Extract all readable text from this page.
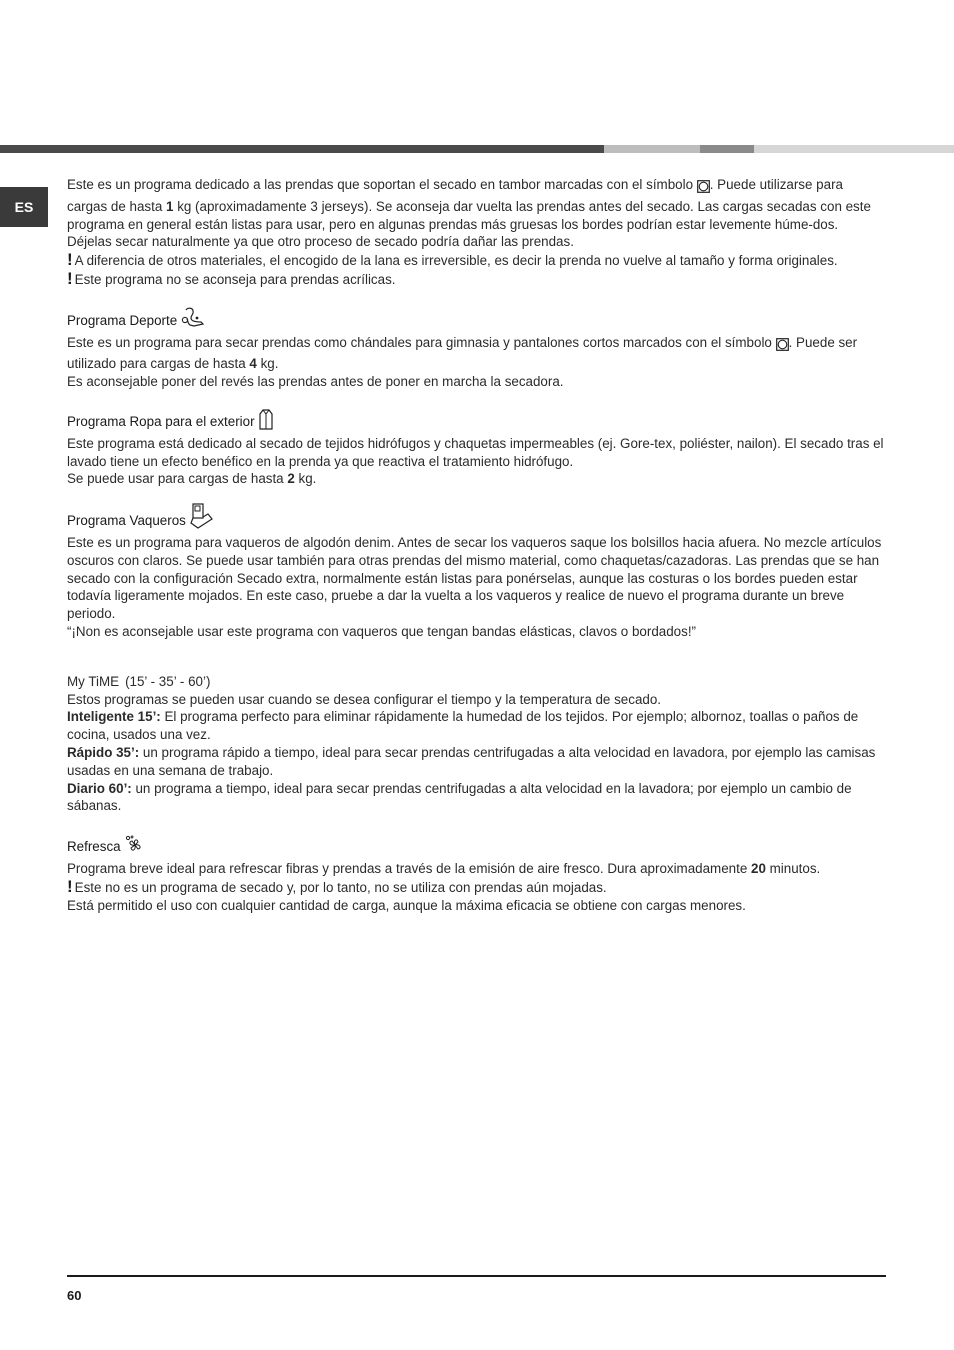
ES

Este es un programa dedicado a las prendas que soportan el secado en tambor marcadas con el símbolo . Puede utilizarse para cargas de hasta 1 kg (aproximadamente 3 jerseys). Se aconseja dar vuelta las prendas antes del secado. Las cargas secadas con este programa en general están listas para usar, pero en algunas prendas más gruesas los bordes podrían estar levemente húme-dos. Déjelas secar naturalmente ya que otro proceso de secado podría dañar las prendas.

! A diferencia de otros materiales, el encogido de la lana es irreversible, es decir la prenda no vuelve al tamaño y forma originales.

! Este programa no se aconseja para prendas acrílicas.

Programa Deporte

Este es un programa para secar prendas como chándales para gimnasia y pantalones cortos marcados con el símbolo . Puede ser utilizado para cargas de hasta 4 kg.

Es aconsejable poner del revés las prendas antes de poner en marcha la secadora.

Programa Ropa para el exterior

Este programa está dedicado al secado de tejidos hidrófugos y chaquetas impermeables (ej. Gore-tex, poliéster, nailon). El secado tras el lavado tiene un efecto benéfico en la prenda ya que reactiva el tratamiento hidrófugo.

Se puede usar para cargas de hasta 2 kg.

Programa Vaqueros

Este es un programa para vaqueros de algodón denim. Antes de secar los vaqueros saque los bolsillos hacia afuera. No mezcle artículos oscuros con claros. Se puede usar también para otras prendas del mismo material, como chaquetas/cazadoras. Las prendas que se han secado con la configuración Secado extra, normalmente están listas para ponérselas, aunque las costuras o los bordes pueden estar todavía ligeramente mojados. En este caso, pruebe a dar la vuelta a los vaqueros y realice de nuevo el programa durante un breve periodo.

“¡Non es aconsejable usar este programa con vaqueros que tengan bandas elásticas, clavos o bordados!”

My TiME (15’ - 35’ - 60’)

Estos programas se pueden usar cuando se desea configurar el tiempo y la temperatura de secado.

Inteligente 15’: El programa perfecto para eliminar rápidamente la humedad de los tejidos. Por ejemplo; albornoz, toallas o paños de cocina, usados una vez.

Rápido 35’: un programa rápido a tiempo, ideal para secar prendas centrifugadas a alta velocidad en lavadora, por ejemplo las camisas usadas en una semana de trabajo.

Diario 60’: un programa a tiempo, ideal para secar prendas centrifugadas a alta velocidad en la lavadora; por ejemplo un cambio de sábanas.

Refresca

Programa breve ideal para refrescar fibras y prendas a través de la emisión de aire fresco. Dura aproximadamente 20 minutos.

! Este no es un programa de secado y, por lo tanto, no se utiliza con prendas aún mojadas.

Está permitido el uso con cualquier cantidad de carga, aunque la máxima eficacia se obtiene con cargas menores.

60
